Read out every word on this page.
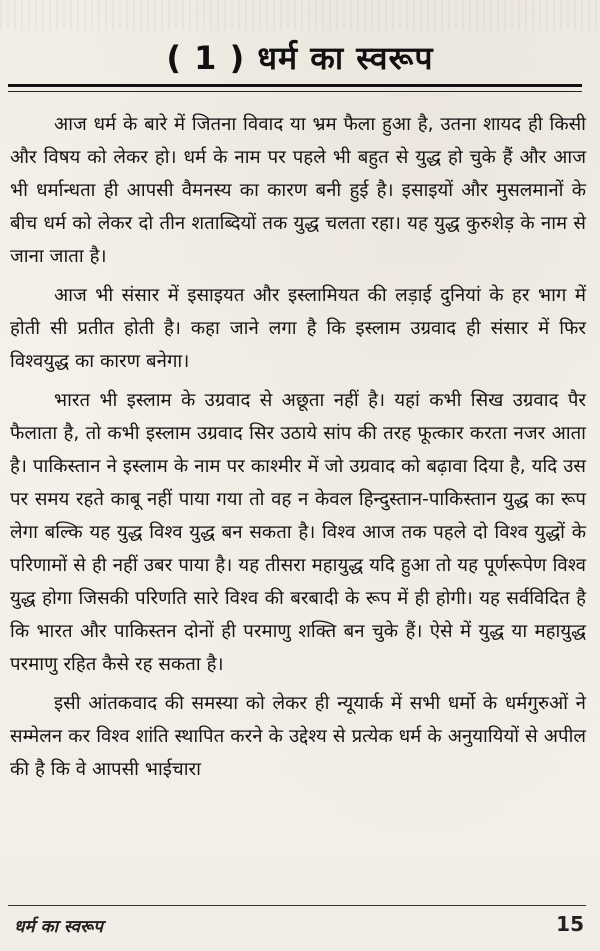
( 1 ) धर्म का स्वरूप

आज धर्म के बारे में जितना विवाद या भ्रम फैला हुआ है, उतना शायद ही किसी और विषय को लेकर हो। धर्म के नाम पर पहले भी बहुत से युद्ध हो चुके हैं और आज भी धर्मान्धता ही आपसी वैमनस्य का कारण बनी हुई है। इसाइयों और मुसलमानों के बीच धर्म को लेकर दो तीन शताब्दियों तक युद्ध चलता रहा। यह युद्ध कुरुशेड़ के नाम से जाना जाता है।

आज भी संसार में इसाइयत और इस्लामियत की लड़ाई दुनियां के हर भाग में होती सी प्रतीत होती है। कहा जाने लगा है कि इस्लाम उग्रवाद ही संसार में फिर विश्वयुद्ध का कारण बनेगा।

भारत भी इस्लाम के उग्रवाद से अछूता नहीं है। यहां कभी सिख उग्रवाद पैर फैलाता है, तो कभी इस्लाम उग्रवाद सिर उठाये सांप की तरह फूत्कार करता नजर आता है। पाकिस्तान ने इस्लाम के नाम पर काश्मीर में जो उग्रवाद को बढ़ावा दिया है, यदि उस पर समय रहते काबू नहीं पाया गया तो वह न केवल हिन्दुस्तान-पाकिस्तान युद्ध का रूप लेगा बल्कि यह युद्ध विश्व युद्ध बन सकता है। विश्व आज तक पहले दो विश्व युद्धों के परिणामों से ही नहीं उबर पाया है। यह तीसरा महायुद्ध यदि हुआ तो यह पूर्णरूपेण विश्व युद्ध होगा जिसकी परिणति सारे विश्व की बरबादी के रूप में ही होगी। यह सर्वविदित है कि भारत और पाकिस्तन दोनों ही परमाणु शक्ति बन चुके हैं। ऐसे में युद्ध या महायुद्ध परमाणु रहित कैसे रह सकता है।

इसी आंतकवाद की समस्या को लेकर ही न्यूयार्क में सभी धर्मो के धर्मगुरुओं ने सम्मेलन कर विश्व शांति स्थापित करने के उद्देश्य से प्रत्येक धर्म के अनुयायियों से अपील की है कि वे आपसी भाईचारा

धर्म का स्वरूप	15
